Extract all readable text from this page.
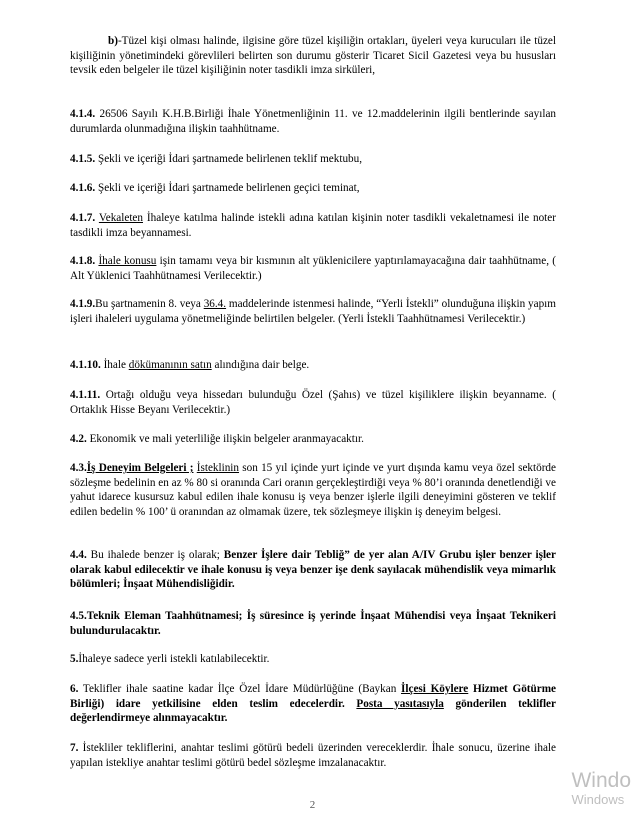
b)-Tüzel kişi olması halinde, ilgisine göre tüzel kişiliğin ortakları, üyeleri veya kurucuları ile tüzel kişiliğinin yönetimindeki görevlileri belirten son durumu gösterir Ticaret Sicil Gazetesi veya bu hususları tevsik eden belgeler ile tüzel kişiliğinin noter tasdikli imza sirküleri,

4.1.4. 26506 Sayılı K.H.B.Birliği İhale Yönetmenliğinin 11. ve 12.maddelerinin ilgili bentlerinde sayılan durumlarda olunmadığına ilişkin taahhütname.

4.1.5. Şekli ve içeriği İdari şartnamede belirlenen teklif mektubu,

4.1.6. Şekli ve içeriği İdari şartnamede belirlenen geçici teminat,

4.1.7. Vekaleten İhaleye katılma halinde istekli adına katılan kişinin noter tasdikli vekaletnamesi ile noter tasdikli imza beyannamesi.

4.1.8. İhale konusu işin tamamı veya bir kısmının alt yüklenicilere yaptırılamayacağına dair taahhütname, ( Alt Yüklenici Taahhütnamesi Verilecektir.)

4.1.9.Bu şartnamenin 8. veya 36.4. maddelerinde istenmesi halinde, “Yerli İstekli” olunduğuna ilişkin yapım işleri ihaleleri uygulama yönetmeliğinde belirtilen belgeler. (Yerli İstekli Taahhütnamesi Verilecektir.)

4.1.10. İhale dökümanının satın alındığına dair belge.

4.1.11. Ortağı olduğu veya hissedarı bulunduğu Özel (Şahıs) ve tüzel kişiliklere ilişkin beyanname. ( Ortaklık Hisse Beyanı Verilecektir.)

4.2. Ekonomik ve mali yeterliliğe ilişkin belgeler aranmayacaktır.

4.3.İş Deneyim Belgeleri ; İsteklinin son 15 yıl içinde yurt içinde ve yurt dışında kamu veya özel sektörde sözleşme bedelinin en az % 80 si oranında Cari oranın gerçekleştirdiği veya % 80’i oranında denetlendiği ve yahut idarece kusursuz kabul edilen ihale konusu iş veya benzer işlerle ilgili deneyimini gösteren ve teklif edilen bedelin % 100’ ü oranından az olmamak üzere, tek sözleşmeye ilişkin iş deneyim belgesi.

4.4. Bu ihalede benzer iş olarak; Benzer İşlere dair Tebliğ” de yer alan A/IV Grubu işler benzer işler olarak kabul edilecektir ve ihale konusu iş veya benzer işe denk sayılacak mühendislik veya mimarlık bölümleri; İnşaat Mühendisliğidir.

4.5.Teknik Eleman Taahhütnamesi; İş süresince iş yerinde İnşaat Mühendisi veya İnşaat Teknikeri bulundurulacaktır.

5.İhaleye sadece yerli istekli katılabilecektir.

6. Teklifler ihale saatine kadar İlçe Özel İdare Müdürlüğüne (Baykan İlçesi Köylere Hizmet Götürme Birliği) idare yetkilisine elden teslim edecelerdir. Posta yasıtasıyla gönderilen teklifler değerlendirmeye alınmayacaktır.

7. İstekliler tekliflerini, anahtar teslimi götürü bedeli üzerinden vereceklerdir. İhale sonucu, üzerine ihale yapılan istekliye anahtar teslimi götürü bedel sözleşme imzalanacaktır.

2
Windo
Windows
